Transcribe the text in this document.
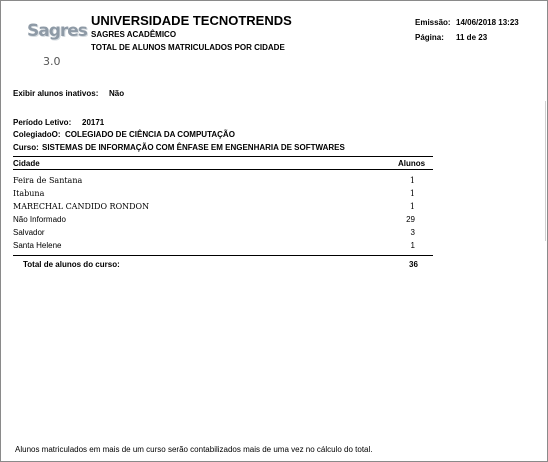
Sagres
3.0
UNIVERSIDADE TECNOTRENDS
SAGRES ACADÊMICO
TOTAL DE ALUNOS MATRICULADOS POR CIDADE
Emissão: 14/06/2018 13:23
Página: 11 de 23
Exibir alunos inativos: Não
Período Letivo: 20171
ColegiadoO: COLEGIADO DE CIÊNCIA DA COMPUTAÇÃO
Curso: SISTEMAS DE INFORMAÇÃO COM ÊNFASE EM ENGENHARIA DE SOFTWARES
Cidade	Alunos
Feira de Santana	1
Itabuna	1
MARECHAL CANDIDO RONDON	1
Não Informado	29
Salvador	3
Santa Helene	1
Total de alunos do curso:	36
Alunos matriculados em mais de um curso serão contabilizados mais de uma vez no cálculo do total.
